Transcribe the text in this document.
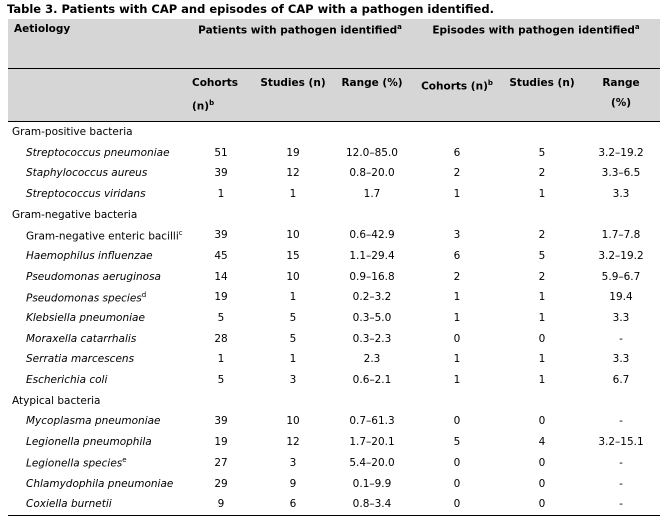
Table 3. Patients with CAP and episodes of CAP with a pathogen identified.
Aetiology	Patients with pathogen identified$^a$			Episodes with pathogen identified$^a$
	Cohorts $(n)^b$	Studies (n)	Range (%)	Cohorts $(n)^b$	Studies (n)	Range (%)
Gram-positive bacteria						
Streptococcus pneumoniae	51	19	12.0–85.0	6	5	3.2–19.2
Staphylococcus aureus	39	12	0.8–20.0	2	2	3.3–6.5
Streptococcus viridans	1	1	1.7	1	1	3.3
Gram-negative bacteria						
Gram-negative enteric bacilli$^c$	39	10	0.6–42.9	3	2	1.7–7.8
Haemophilus influenzae	45	15	1.1–29.4	6	5	3.2–19.2
Pseudomonas aeruginosa	14	10	0.9–16.8	2	2	5.9–6.7
Pseudomonas species$^d$	19	1	0.2–3.2	1	1	19.4
Klebsiella pneumoniae	5	5	0.3–5.0	1	1	3.3
Moraxella catarrhalis	28	5	0.3–2.3	0	0	-
Serratia marcescens	1	1	2.3	1	1	3.3
Escherichia coli	5	3	0.6–2.1	1	1	6.7
Atypical bacteria						
Mycoplasma pneumoniae	39	10	0.7–61.3	0	0	-
Legionella pneumophila	19	12	1.7–20.1	5	4	3.2–15.1
Legionella species$^e$	27	3	5.4–20.0	0	0	-
Chlamydophila pneumoniae	29	9	0.1–9.9	0	0	-
Coxiella burnetii	9	6	0.8–3.4	0	0	-
